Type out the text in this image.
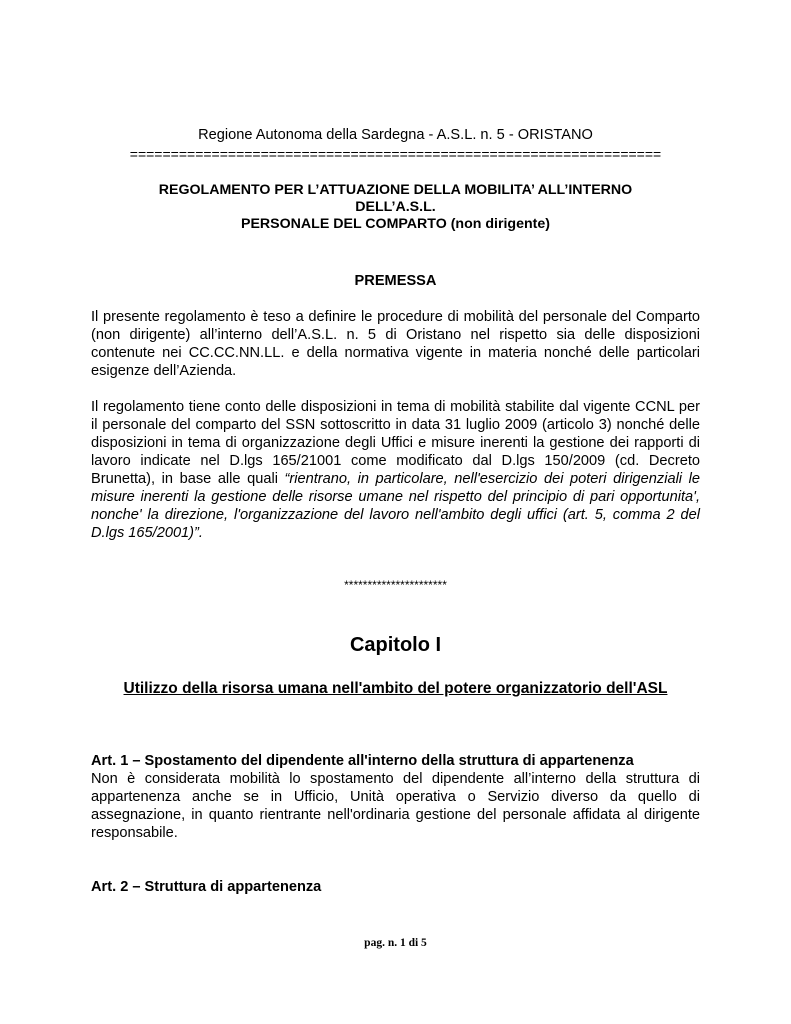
Regione Autonoma della Sardegna - A.S.L. n. 5 - ORISTANO
=================================================================
REGOLAMENTO PER L’ATTUAZIONE DELLA MOBILITA’ ALL’INTERNO
DELL’A.S.L.
PERSONALE DEL COMPARTO (non dirigente)
PREMESSA

Il presente regolamento è teso a definire le procedure di mobilità del personale del Comparto (non dirigente) all’interno dell’A.S.L. n. 5 di Oristano nel rispetto sia delle disposizioni contenute nei CC.CC.NN.LL. e della normativa vigente in materia nonché delle particolari esigenze dell’Azienda.

Il regolamento tiene conto delle disposizioni in tema di mobilità stabilite dal vigente CCNL per il personale del comparto del SSN sottoscritto in data 31 luglio 2009 (articolo 3) nonché delle disposizioni in tema di organizzazione degli Uffici e misure inerenti la gestione dei rapporti di lavoro indicate nel D.lgs 165/21001 come modificato dal D.lgs 150/2009 (cd. Decreto Brunetta), in base alle quali “rientrano, in particolare, nell'esercizio dei poteri dirigenziali le misure inerenti la gestione delle risorse umane nel rispetto del principio di pari opportunita', nonche' la direzione, l'organizzazione del lavoro nell'ambito degli uffici (art. 5, comma 2 del D.lgs 165/2001)”.

**********************
Capitolo I
Utilizzo della risorsa umana nell'ambito del potere organizzatorio dell'ASL
Art. 1 – Spostamento del dipendente all'interno della struttura di appartenenza

Non è considerata mobilità lo spostamento del dipendente all’interno della struttura di appartenenza anche se in Ufficio, Unità operativa o Servizio diverso da quello di assegnazione, in quanto rientrante nell'ordinaria gestione del personale affidata al dirigente responsabile.

Art. 2 – Struttura di appartenenza
pag. n. 1 di 5
